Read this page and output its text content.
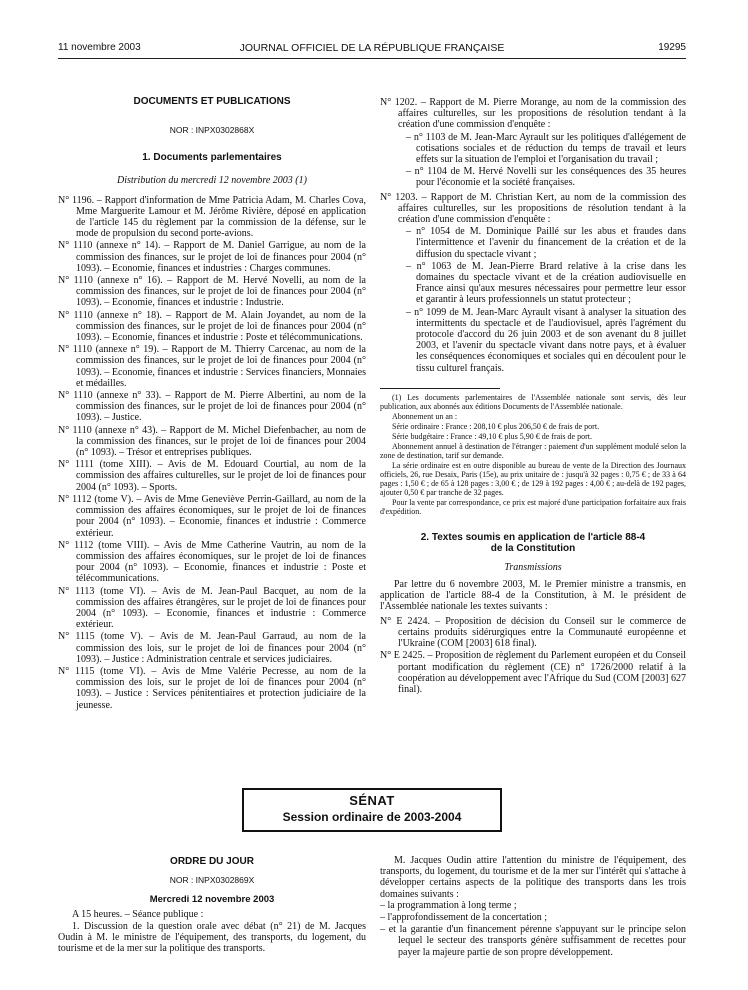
11 novembre 2003	JOURNAL OFFICIEL DE LA RÉPUBLIQUE FRANÇAISE	19295
DOCUMENTS ET PUBLICATIONS
NOR : INPX0302868X
1. Documents parlementaires
Distribution du mercredi 12 novembre 2003 (1)

N° 1196. – Rapport d'information de Mme Patricia Adam, M. Charles Cova, Mme Marguerite Lamour et M. Jérôme Rivière, déposé en application de l'article 145 du règlement par la commission de la défense, sur le mode de propulsion du second porte-avions.

N° 1110 (annexe n° 14). – Rapport de M. Daniel Garrigue, au nom de la commission des finances, sur le projet de loi de finances pour 2004 (n° 1093). – Economie, finances et industries : Charges communes.

N° 1110 (annexe n° 16). – Rapport de M. Hervé Novelli, au nom de la commission des finances, sur le projet de loi de finances pour 2004 (n° 1093). – Economie, finances et industrie : Industrie.

N° 1110 (annexe n° 18). – Rapport de M. Alain Joyandet, au nom de la commission des finances, sur le projet de loi de finances pour 2004 (n° 1093). – Economie, finances et industrie : Poste et télécommunications.

N° 1110 (annexe n° 19). – Rapport de M. Thierry Carcenac, au nom de la commission des finances, sur le projet de loi de finances pour 2004 (n° 1093). – Economie, finances et industrie : Services financiers, Monnaies et médailles.

N° 1110 (annexe n° 33). – Rapport de M. Pierre Albertini, au nom de la commission des finances, sur le projet de loi de finances pour 2004 (n° 1093). – Justice.

N° 1110 (annexe n° 43). – Rapport de M. Michel Diefenbacher, au nom de la commission des finances, sur le projet de loi de finances pour 2004 (n° 1093). – Trésor et entreprises publiques.

N° 1111 (tome XIII). – Avis de M. Edouard Courtial, au nom de la commission des affaires culturelles, sur le projet de loi de finances pour 2004 (n° 1093). – Sports.

N° 1112 (tome V). – Avis de Mme Geneviève Perrin-Gaillard, au nom de la commission des affaires économiques, sur le projet de loi de finances pour 2004 (n° 1093). – Economie, finances et industrie : Commerce extérieur.

N° 1112 (tome VIII). – Avis de Mme Catherine Vautrin, au nom de la commission des affaires économiques, sur le projet de loi de finances pour 2004 (n° 1093). – Economie, finances et industrie : Poste et télécommunications.

N° 1113 (tome VI). – Avis de M. Jean-Paul Bacquet, au nom de la commission des affaires étrangères, sur le projet de loi de finances pour 2004 (n° 1093). – Economie, finances et industrie : Commerce extérieur.

N° 1115 (tome V). – Avis de M. Jean-Paul Garraud, au nom de la commission des lois, sur le projet de loi de finances pour 2004 (n° 1093). – Justice : Administration centrale et services judiciaires.

N° 1115 (tome VI). – Avis de Mme Valérie Pecresse, au nom de la commission des lois, sur le projet de loi de finances pour 2004 (n° 1093). – Justice : Services pénitentiaires et protection judiciaire de la jeunesse.

N° 1202. – Rapport de M. Pierre Morange, au nom de la commission des affaires culturelles, sur les propositions de résolution tendant à la création d'une commission d'enquête :

– n° 1103 de M. Jean-Marc Ayrault sur les politiques d'allégement de cotisations sociales et de réduction du temps de travail et leurs effets sur la situation de l'emploi et l'organisation du travail ;

– n° 1104 de M. Hervé Novelli sur les conséquences des 35 heures pour l'économie et la société françaises.

N° 1203. – Rapport de M. Christian Kert, au nom de la commission des affaires culturelles, sur les propositions de résolution tendant à la création d'une commission d'enquête :

– n° 1054 de M. Dominique Paillé sur les abus et fraudes dans l'intermittence et l'avenir du financement de la création et de la diffusion du spectacle vivant ;

– n° 1063 de M. Jean-Pierre Brard relative à la crise dans les domaines du spectacle vivant et de la création audiovisuelle en France ainsi qu'aux mesures nécessaires pour permettre leur essor et garantir à leurs professionnels un statut protecteur ;

– n° 1099 de M. Jean-Marc Ayrault visant à analyser la situation des intermittents du spectacle et de l'audiovisuel, après l'agrément du protocole d'accord du 26 juin 2003 et de son avenant du 8 juillet 2003, et l'avenir du spectacle vivant dans notre pays, et à évaluer les conséquences économiques et sociales qui en découlent pour le tissu culturel français.

(1) Les documents parlementaires de l'Assemblée nationale sont servis, dès leur publication, aux abonnés aux éditions Documents de l'Assemblée nationale.

Abonnement un an :

Série ordinaire : France : 208,10 € plus 206,50 € de frais de port.

Série budgétaire : France : 49,10 € plus 5,90 € de frais de port.

Abonnement annuel à destination de l'étranger : paiement d'un supplément modulé selon la zone de destination, tarif sur demande.

La série ordinaire est en outre disponible au bureau de vente de la Direction des Journaux officiels, 26, rue Desaix, Paris (15e), au prix unitaire de : jusqu'à 32 pages : 0,75 € ; de 33 à 64 pages : 1,50 € ; de 65 à 128 pages : 3,00 € ; de 129 à 192 pages : 4,00 € ; au-delà de 192 pages, ajouter 0,50 € par tranche de 32 pages.

Pour la vente par correspondance, ce prix est majoré d'une participation forfaitaire aux frais d'expédition.

2. Textes soumis en application de l'article 88-4
de la Constitution
Transmissions

Par lettre du 6 novembre 2003, M. le Premier ministre a transmis, en application de l'article 88-4 de la Constitution, à M. le président de l'Assemblée nationale les textes suivants :

N° E 2424. – Proposition de décision du Conseil sur le commerce de certains produits sidérurgiques entre la Communauté européenne et l'Ukraine (COM [2003] 618 final).

N° E 2425. – Proposition de règlement du Parlement européen et du Conseil portant modification du règlement (CE) n° 1726/2000 relatif à la coopération au développement avec l'Afrique du Sud (COM [2003] 627 final).

SÉNAT
Session ordinaire de 2003-2004
ORDRE DU JOUR
NOR : INPX0302869X
Mercredi 12 novembre 2003

A 15 heures. – Séance publique :

1. Discussion de la question orale avec débat (n° 21) de M. Jacques Oudin à M. le ministre de l'équipement, des transports, du logement, du tourisme et de la mer sur la politique des transports.

M. Jacques Oudin attire l'attention du ministre de l'équipement, des transports, du logement, du tourisme et de la mer sur l'intérêt qui s'attache à développer certains aspects de la politique des transports dans les trois domaines suivants :

– la programmation à long terme ;

– l'approfondissement de la concertation ;

– et la garantie d'un financement pérenne s'appuyant sur le principe selon lequel le secteur des transports génère suffisamment de recettes pour payer la majeure partie de son propre développement.
